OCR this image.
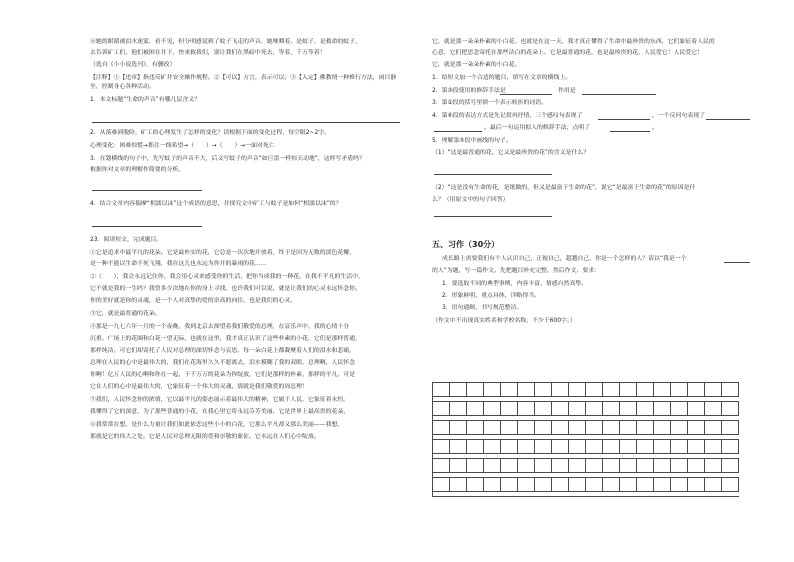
⑥她的眼睛被泪水迷蒙，看不见，但分明感觉到了蚊子飞走的声音，她哽咽着，是蚊子，是救命的蚊子，
去告诉矿工们，他们被困在井下，快来救我们，别让我们在黑暗中死去，等着，千万等着！
（选自《小小说选刊》，有删改）
【注释】①【违章】指违反矿井安全操作规程。②【可以】方言，表示可以；③【入定】佛教谓一种修行方法，闭目静坐，控制身心各种活动。
1．本文标题“生命的声音”有哪几层含义？
2．从落难到脱险，矿工的心理发生了怎样的变化？请根据下面的变化过程，每空限2~2字。
心理变化：困难惊慌→抓住一线希望→（　　）→（　　）→一面对死亡
3．在划横线的句子中，先写蚊子的声音不大，后又写蚊子的声音“如巨雷一样惊天动地”，这样写矛盾吗？
根据你对文章的理解作简要的分析。
4．结合文章内容揣摩“相濡以沫”这个成语的意思，并探究文中矿工与蚊子是如何“相濡以沫”的？
23．阅读短文，完成题目。
①它是追求中最平凡的花朵。它是最朴实的花，它总是一次次地开放着，终于是因为无数的淡色花瓣，
是一种不能以生命不死飞翔，我在这儿也永远为你开的暴雨的花……
②（　　），我会永远记住你。我会用心灵来感受你的生活，把你当成我的一种花，在我不平凡的生活中，
它不就是我的一生吗？我曾多少次地在你的身上寻找，也许我们可以说，就是让我们的心灵永远怀念你。
你的美好就是你的灵魂，是一个人对真挚的爱的崇高的向往，也是我们的心灵。
③它，就是最普通的花朵。
④那是一九七六年一月的一个夜晚，我到北京去探望着我们敬爱的总理，在哀乐声中，我的心情十分
沉重。广场上的花圈和白花一望无际，也就在这里，我才真正认识了这些朴素的小花，它们是那样普通，
那样纯洁，可它们却寄托了人民对总理的深切怀念与哀思。每一朵白花上都凝聚着人们的泪水和悲痛，
总理在人民的心中是最伟大的，我们在花海里久久不愿离去，泪水模糊了我的双眼，总理啊，人民怀念
你啊！亿万人民的心啊和你在一起，于千万万的花朵为你绽放，它们是那样的朴素，那样的平凡，可是
它在人们的心中是最伟大的，它象征着一个伟大的灵魂，那就是我们敬爱的周总理！
⑤我们，人民怀念你的浓情，它以最平凡的姿态展示着最伟大的精神，它属于人民，它象征着永恒。
我懂得了它的深意，为了那些普通的小花，在我心里它将永远芬芳美丽，它是世界上最高贵的花朵，
⑥我常常在想，是什么力量让我们如此依恋这些小小的白花，它那么平凡却又那么美丽——我想，
那就是它的伟大之处。它是人民对总理无限的爱和崇敬的象征。它永远在人们心中绽放。
它，就是那一朵朵朴素的小白花。也就是在这一天，我才真正懂得了生命中最珍贵的东西，它们象征着人民的
心意，它们把思念寄托在那些洁白的花朵上。它是最普通的花，也是最珍贵的花，人民爱它！人民爱它！
它，就是那一朵朵朴素的小白花。
1．给短文加一个合适的题目，填写在文章的横线上。
2．第③段使用的修辞手法是	作用是
3．第②段的括号里填一个表示转折的词语。
4．第⑥段的表达方式是先记叙再抒情，三个感叹句表现了	，一个反问句表现了
。最后一句运用拟人的修辞手法，点明了	。
5．理解第⑤段中画线的句子。
（1）“这是最普通的花，它又是最珍贵的花”的含义是什么？
（2）“这是没有生命的花，是纸做的，但又是最富于生命的花”，说它“是最富于生命的花”的原因是什
么？（用原文中的句子回答）
五、习作（30分）
成长路上需要我们有个人认识自己，正视自己，超越自己，你是一个怎样的人？请以“我是一个
的人”为题，写一篇作文。先把题目补充完整，然后作文，要求：
1．要选取不同的典型事例，内容丰富，情感自然真挚。
2．形象鲜明，重点具体，详略得当。
3．语句通顺，书写规范整洁。
（作文中不出现真实姓名和学校名称，不少于600字。）
